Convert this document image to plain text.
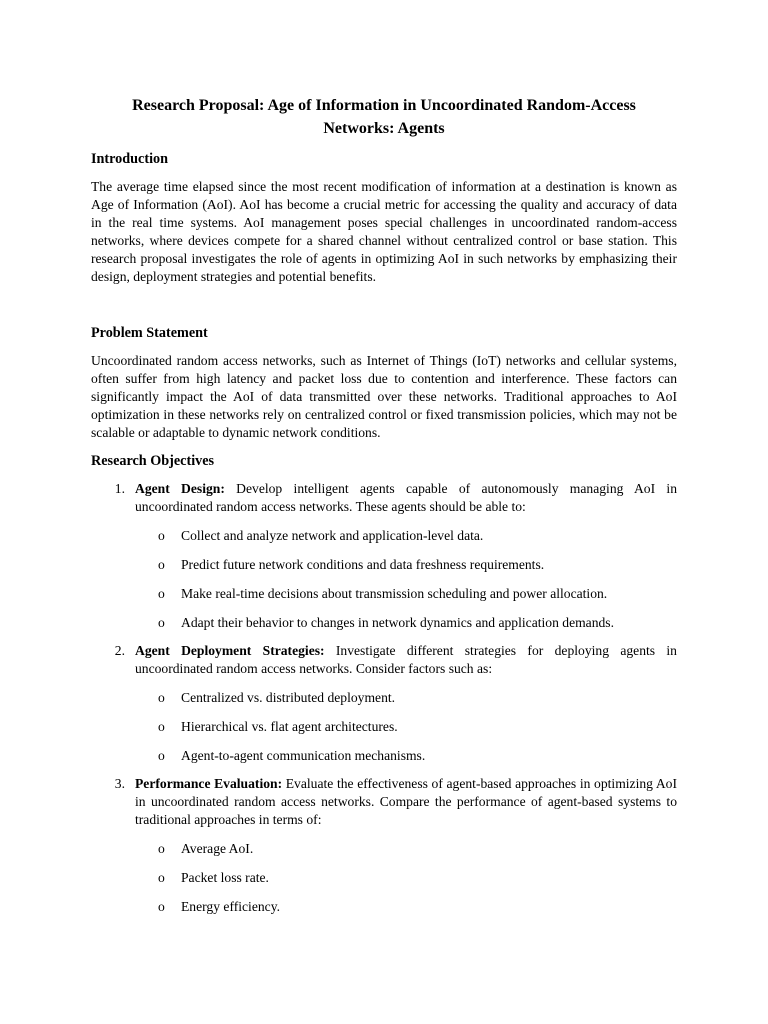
Research Proposal: Age of Information in Uncoordinated Random-Access Networks: Agents
Introduction
The average time elapsed since the most recent modification of information at a destination is known as Age of Information (AoI). AoI has become a crucial metric for accessing the quality and accuracy of data in the real time systems. AoI management poses special challenges in uncoordinated random-access networks, where devices compete for a shared channel without centralized control or base station. This research proposal investigates the role of agents in optimizing AoI in such networks by emphasizing their design, deployment strategies and potential benefits.
Problem Statement
Uncoordinated random access networks, such as Internet of Things (IoT) networks and cellular systems, often suffer from high latency and packet loss due to contention and interference. These factors can significantly impact the AoI of data transmitted over these networks. Traditional approaches to AoI optimization in these networks rely on centralized control or fixed transmission policies, which may not be scalable or adaptable to dynamic network conditions.
Research Objectives
1. Agent Design: Develop intelligent agents capable of autonomously managing AoI in uncoordinated random access networks. These agents should be able to:
o	Collect and analyze network and application-level data.
o	Predict future network conditions and data freshness requirements.
o	Make real-time decisions about transmission scheduling and power allocation.
o	Adapt their behavior to changes in network dynamics and application demands.
2. Agent Deployment Strategies: Investigate different strategies for deploying agents in uncoordinated random access networks. Consider factors such as:
o	Centralized vs. distributed deployment.
o	Hierarchical vs. flat agent architectures.
o	Agent-to-agent communication mechanisms.
3. Performance Evaluation: Evaluate the effectiveness of agent-based approaches in optimizing AoI in uncoordinated random access networks. Compare the performance of agent-based systems to traditional approaches in terms of:
o	Average AoI.
o	Packet loss rate.
o	Energy efficiency.
